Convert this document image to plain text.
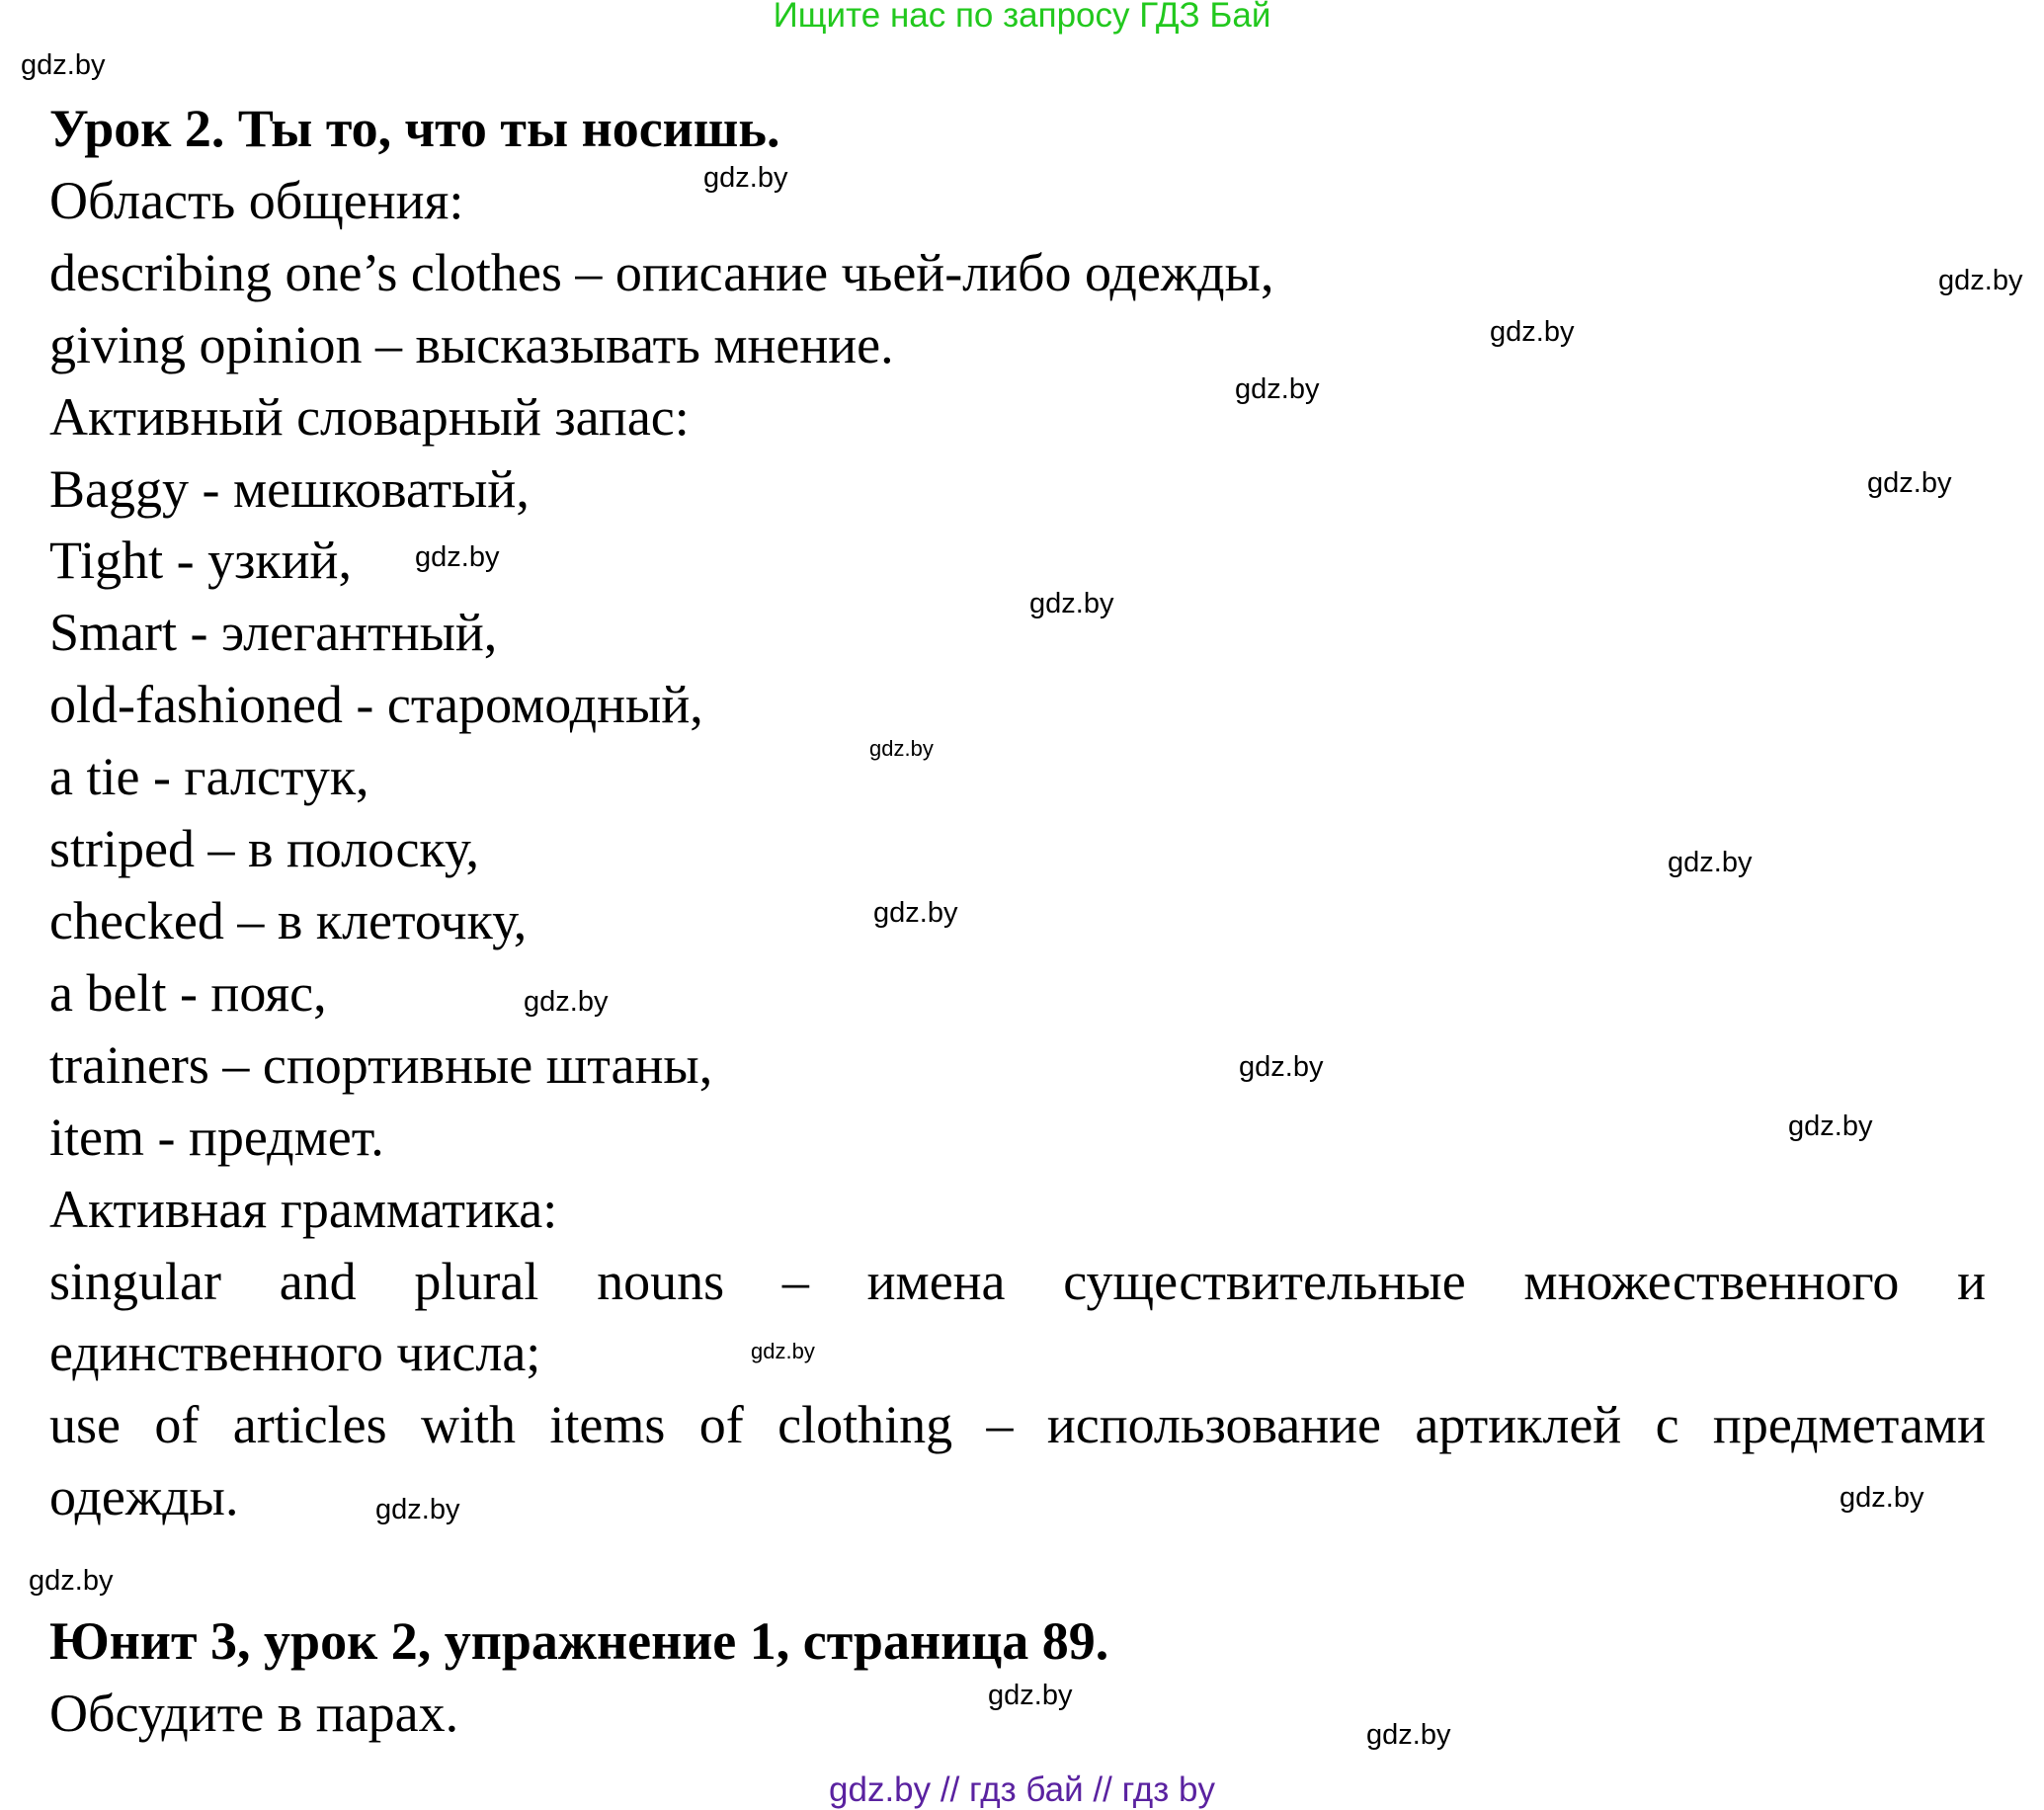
Ищите нас по запросу ГДЗ Бай
Урок 2. Ты то, что ты носишь.
Область общения:
describing one’s clothes – описание чьей-либо одежды,
giving opinion – высказывать мнение.
Активный словарный запас:
Baggy - мешковатый,
Tight - узкий,
Smart - элегантный,
old-fashioned - старомодный,
a tie - галстук,
striped – в полоску,
checked – в клеточку,
a belt - пояс,
trainers – спортивные штаны,
item - предмет.
Активная грамматика:
singular and plural nouns – имена существительные множественного и
единственного числа;
use of articles with items of clothing – использование артиклей с предметами
одежды.
Юнит 3, урок 2, упражнение 1, страница 89.
Обсудите в парах.
gdz.by
gdz.by
gdz.by
gdz.by
gdz.by
gdz.by
gdz.by
gdz.by
gdz.by
gdz.by
gdz.by
gdz.by
gdz.by
gdz.by
gdz.by
gdz.by
gdz.by
gdz.by
gdz.by
gdz.by
gdz.by // гдз бай // гдз by
